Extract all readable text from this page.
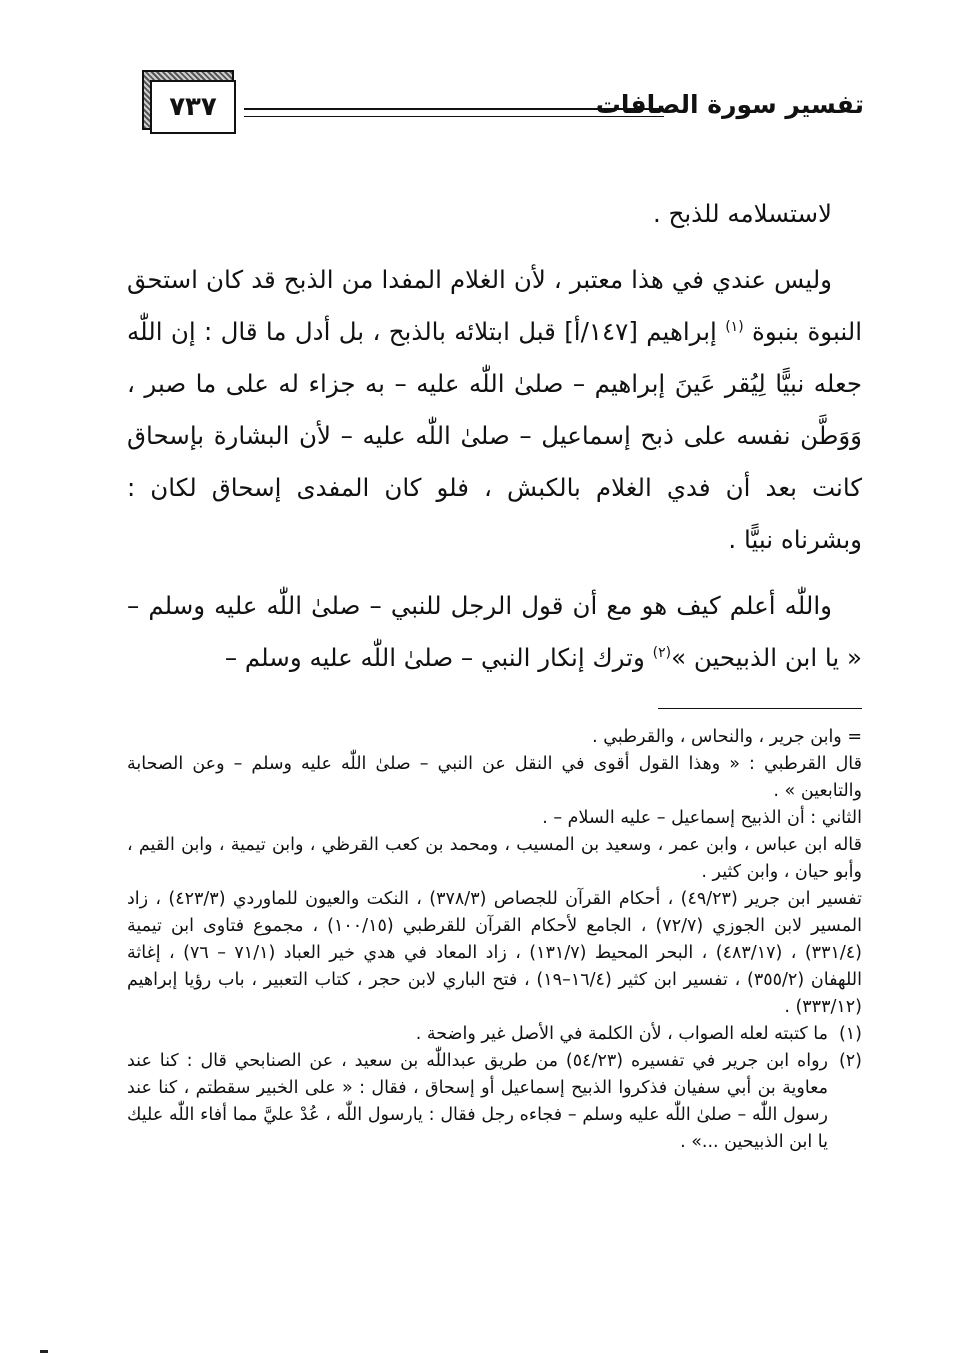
٧٣٧	تفسير سورة الصافات

لاستسلامه للذبح .

وليس عندي في هذا معتبر ، لأن الغلام المفدا من الذبح قد كان استحق النبوة بنبوة $^{(١)}$ إبراهيم [١٤٧/أ] قبل ابتلائه بالذبح ، بل أدل ما قال : إن اللّٰه جعله نبيًّا لِيُقر عَينَ إبراهيم – صلىٰ اللّٰه عليه – به جزاء له على ما صبر ، وَوَطَّن نفسه على ذبح إسماعيل – صلىٰ اللّٰه عليه – لأن البشارة بإسحاق كانت بعد أن فدي الغلام بالكبش ، فلو كان المفدى إسحاق لكان : وبشرناه نبيًّا .

واللّٰه أعلم كيف هو مع أن قول الرجل للنبي – صلىٰ اللّٰه عليه وسلم – « يا ابن الذبيحين »$^{(٢)}$ وترك إنكار النبي – صلىٰ اللّٰه عليه وسلم –

= وابن جرير ، والنحاس ، والقرطبي .

قال القرطبي : « وهذا القول أقوى في النقل عن النبي – صلىٰ اللّٰه عليه وسلم – وعن الصحابة والتابعين » .

الثاني : أن الذبيح إسماعيل – عليه السلام – .

قاله ابن عباس ، وابن عمر ، وسعيد بن المسيب ، ومحمد بن كعب القرظي ، وابن تيمية ، وابن القيم ، وأبو حيان ، وابن كثير .

تفسير ابن جرير (٤٩/٢٣) ، أحكام القرآن للجصاص (٣٧٨/٣) ، النكت والعيون للماوردي (٤٢٣/٣) ، زاد المسير لابن الجوزي (٧٢/٧) ، الجامع لأحكام القرآن للقرطبي (١٠٠/١٥) ، مجموع فتاوى ابن تيمية (٣٣١/٤) ، (٤٨٣/١٧) ، البحر المحيط (١٣١/٧) ، زاد المعاد في هدي خير العباد (٧١/١ – ٧٦) ، إغاثة اللهفان (٣٥٥/٢) ، تفسير ابن كثير (١٦/٤–١٩) ، فتح الباري لابن حجر ، كتاب التعبير ، باب رؤيا إبراهيم (٣٣٣/١٢) .

(١)
ما كتبته لعله الصواب ، لأن الكلمة في الأصل غير واضحة .

(٢)
رواه ابن جرير في تفسيره (٥٤/٢٣) من طريق عبداللّٰه بن سعيد ، عن الصنابحي قال : كنا عند معاوية بن أبي سفيان فذكروا الذبيح إسماعيل أو إسحاق ، فقال : « على الخبير سقطتم ، كنا عند رسول اللّٰه – صلىٰ اللّٰه عليه وسلم – فجاءه رجل فقال : يارسول اللّٰه ، عُدْ عليَّ مما أفاء اللّٰه عليك يا ابن الذبيحين ...» .
